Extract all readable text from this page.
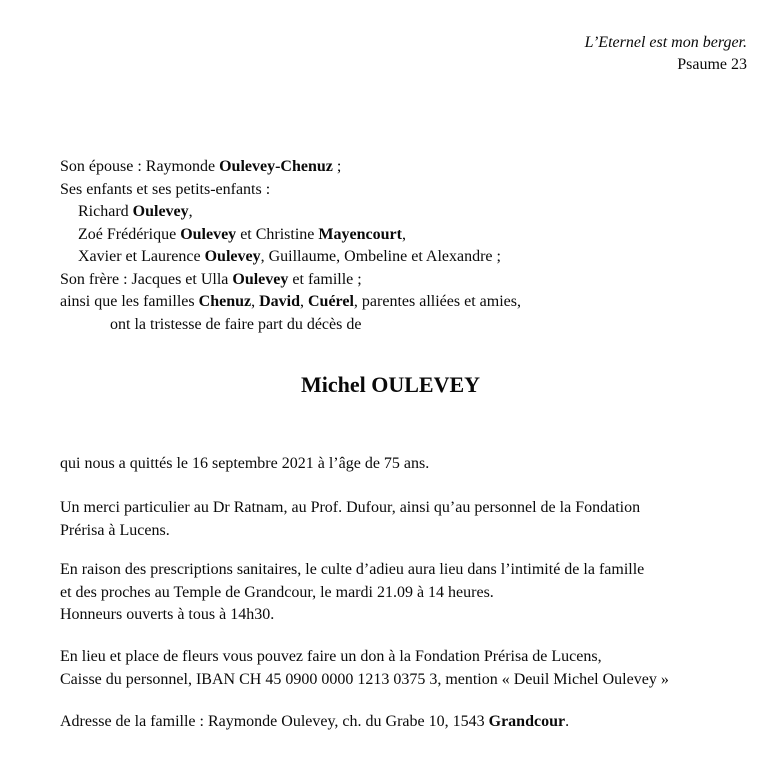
L’Eternel est mon berger.
Psaume 23
Son épouse : Raymonde Oulevey-Chenuz ;
Ses enfants et ses petits-enfants :
Richard Oulevey,
Zoé Frédérique Oulevey et Christine Mayencourt,
Xavier et Laurence Oulevey, Guillaume, Ombeline et Alexandre ;
Son frère : Jacques et Ulla Oulevey et famille ;
ainsi que les familles Chenuz, David, Cuérel, parentes alliées et amies,
ont la tristesse de faire part du décès de
Michel OULEVEY

qui nous a quittés le 16 septembre 2021 à l’âge de 75 ans.

Un merci particulier au Dr Ratnam, au Prof. Dufour, ainsi qu’au personnel de la Fondation
Prérisa à Lucens.
En raison des prescriptions sanitaires, le culte d’adieu aura lieu dans l’intimité de la famille
et des proches au Temple de Grandcour, le mardi 21.09 à 14 heures.
Honneurs ouverts à tous à 14h30.
En lieu et place de fleurs vous pouvez faire un don à la Fondation Prérisa de Lucens,
Caisse du personnel, IBAN CH 45 0900 0000 1213 0375 3, mention « Deuil Michel Oulevey »
Adresse de la famille : Raymonde Oulevey, ch. du Grabe 10, 1543 Grandcour.
